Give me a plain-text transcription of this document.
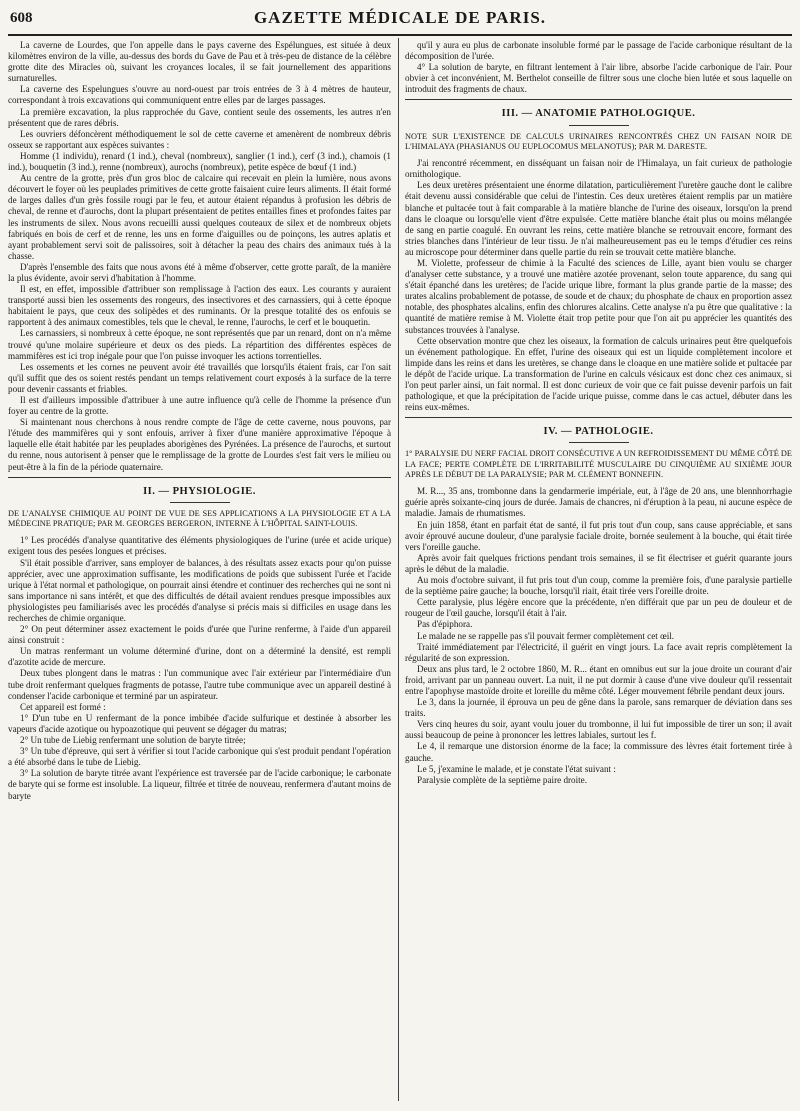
608	GAZETTE MÉDICALE DE PARIS.

La caverne de Lourdes, que l'on appelle dans le pays caverne des Espélungues, est située à deux kilomètres environ de la ville, au-dessus des bords du Gave de Pau et à très-peu de distance de la célèbre grotte dite des Miracles où, suivant les croyances locales, il se fait journellement des apparitions surnaturelles.

La caverne des Espelungues s'ouvre au nord-ouest par trois entrées de 3 à 4 mètres de hauteur, correspondant à trois excavations qui communiquent entre elles par de larges passages.

La première excavation, la plus rapprochée du Gave, contient seule des ossements, les autres n'en présentent que de rares débris.

Les ouvriers défoncèrent méthodiquement le sol de cette caverne et amenèrent de nombreux débris osseux se rapportant aux espèces suivantes :

Homme (1 individu), renard (1 ind.), cheval (nombreux), sanglier (1 ind.), cerf (3 ind.), chamois (1 ind.), bouquetin (3 ind.), renne (nombreux), aurochs (nombreux), petite espèce de bœuf (1 ind.)

Au centre de la grotte, près d'un gros bloc de calcaire qui recevait en plein la lumière, nous avons découvert le foyer où les peuplades primitives de cette grotte faisaient cuire leurs aliments. Il était formé de larges dalles d'un grès fossile rougi par le feu, et autour étaient répandus à profusion les débris de cheval, de renne et d'aurochs, dont la plupart présentaient de petites entailles fines et profondes faites par les instruments de silex. Nous avons recueilli aussi quelques couteaux de silex et de nombreux objets fabriqués en bois de cerf et de renne, les uns en forme d'aiguilles ou de poinçons, les autres aplatis et ayant probablement servi soit de palissoires, soit à détacher la peau des chairs des animaux tués à la chasse.

D'après l'ensemble des faits que nous avons été à même d'observer, cette grotte paraît, de la manière la plus évidente, avoir servi d'habitation à l'homme.

Il est, en effet, impossible d'attribuer son remplissage à l'action des eaux. Les courants y auraient transporté aussi bien les ossements des rongeurs, des insectivores et des carnassiers, qui à cette époque habitaient le pays, que ceux des solipèdes et des ruminants. Or la presque totalité des os enfouis se rapportent à des animaux comestibles, tels que le cheval, le renne, l'aurochs, le cerf et le bouquetin.

Les carnassiers, si nombreux à cette époque, ne sont représentés que par un renard, dont on n'a même trouvé qu'une molaire supérieure et deux os des pieds. La répartition des différentes espèces de mammifères est ici trop inégale pour que l'on puisse invoquer les actions torrentielles.

Les ossements et les cornes ne peuvent avoir été travaillés que lorsqu'ils étaient frais, car l'on sait qu'il suffit que des os soient restés pendant un temps relativement court exposés à la surface de la terre pour devenir cassants et friables.

Il est d'ailleurs impossible d'attribuer à une autre influence qu'à celle de l'homme la présence d'un foyer au centre de la grotte.

Si maintenant nous cherchons à nous rendre compte de l'âge de cette caverne, nous pouvons, par l'étude des mammifères qui y sont enfouis, arriver à fixer d'une manière approximative l'époque à laquelle elle était habitée par les peuplades aborigènes des Pyrénées. La présence de l'aurochs, et surtout du renne, nous autorisent à penser que le remplissage de la grotte de Lourdes s'est fait vers le milieu ou peut-être à la fin de la période quaternaire.

II. — PHYSIOLOGIE.

DE L'ANALYSE CHIMIQUE AU POINT DE VUE DE SES APPLICATIONS A LA PHYSIOLOGIE ET A LA MÉDECINE PRATIQUE; PAR M. GEORGES BERGERON, INTERNE À L'HÔPITAL SAINT-LOUIS.

1° Les procédés d'analyse quantitative des éléments physiologiques de l'urine (urée et acide urique) exigent tous des pesées longues et précises.

S'il était possible d'arriver, sans employer de balances, à des résultats assez exacts pour qu'on puisse apprécier, avec une approximation suffisante, les modifications de poids que subissent l'urée et l'acide urique à l'état normal et pathologique, on pourrait ainsi étendre et continuer des recherches qui ne sont ni sans importance ni sans intérêt, et que des difficultés de détail avaient rendues presque impossibles aux physiologistes peu familiarisés avec les procédés d'analyse si précis mais si difficiles en usage dans les recherches de chimie organique.

2° On peut déterminer assez exactement le poids d'urée que l'urine renferme, à l'aide d'un appareil ainsi construit :

Un matras renfermant un volume déterminé d'urine, dont on a déterminé la densité, est rempli d'azotite acide de mercure.

Deux tubes plongent dans le matras : l'un communique avec l'air extérieur par l'intermédiaire d'un tube droit renfermant quelques fragments de potasse, l'autre tube communique avec un appareil destiné à condenser l'acide carbonique et terminé par un aspirateur.

Cet appareil est formé :

1° D'un tube en U renfermant de la ponce imbibée d'acide sulfurique et destinée à absorber les vapeurs d'acide azotique ou hypoazotique qui peuvent se dégager du matras;

2° Un tube de Liebig renfermant une solution de baryte titrée;

3° Un tube d'épreuve, qui sert à vérifier si tout l'acide carbonique qui s'est produit pendant l'opération a été absorbé dans le tube de Liebig.

3° La solution de baryte titrée avant l'expérience est traversée par de l'acide carbonique; le carbonate de baryte qui se forme est insoluble. La liqueur, filtrée et titrée de nouveau, renfermera d'autant moins de baryte

qu'il y aura eu plus de carbonate insoluble formé par le passage de l'acide carbonique résultant de la décomposition de l'urée.

4° La solution de baryte, en filtrant lentement à l'air libre, absorbe l'acide carbonique de l'air. Pour obvier à cet inconvénient, M. Berthelot conseille de filtrer sous une cloche bien lutée et sous laquelle on introduit des fragments de chaux.

III. — ANATOMIE PATHOLOGIQUE.

NOTE SUR L'EXISTENCE DE CALCULS URINAIRES RENCONTRÉS CHEZ UN FAISAN NOIR DE L'HIMALAYA (PHASIANUS OU EUPLOCOMUS MELANOTUS); PAR M. DARESTE.

J'ai rencontré récemment, en disséquant un faisan noir de l'Himalaya, un fait curieux de pathologie ornithologique.

Les deux uretères présentaient une énorme dilatation, particulièrement l'uretère gauche dont le calibre était devenu aussi considérable que celui de l'intestin. Ces deux uretères étaient remplis par un matière blanche et pultacée tout à fait comparable à la matière blanche de l'urine des oiseaux, lorsqu'on la prend dans le cloaque ou lorsqu'elle vient d'être expulsée. Cette matière blanche était plus ou moins mélangée de sang en partie coagulé. En ouvrant les reins, cette matière blanche se retrouvait encore, formant des stries blanches dans l'intérieur de leur tissu. Je n'ai malheureusement pas eu le temps d'étudier ces reins au microscope pour déterminer dans quelle partie du rein se trouvait cette matière blanche.

M. Violette, professeur de chimie à la Faculté des sciences de Lille, ayant bien voulu se charger d'analyser cette substance, y a trouvé une matière azotée provenant, selon toute apparence, du sang qui s'était épanché dans les uretères; de l'acide urique libre, formant la plus grande partie de la masse; des urates alcalins probablement de potasse, de soude et de chaux; du phosphate de chaux en proportion assez notable, des phosphates alcalins, enfin des chlorures alcalins. Cette analyse n'a pu être que qualitative : la quantité de matière remise à M. Violette était trop petite pour que l'on ait pu apprécier les quantités des substances trouvées à l'analyse.

Cette observation montre que chez les oiseaux, la formation de calculs urinaires peut être quelquefois un événement pathologique. En effet, l'urine des oiseaux qui est un liquide complètement incolore et limpide dans les reins et dans les uretères, se change dans le cloaque en une matière solide et pultacée par le dépôt de l'acide urique. La transformation de l'urine en calculs vésicaux est donc chez ces animaux, si l'on peut parler ainsi, un fait normal. Il est donc curieux de voir que ce fait puisse devenir parfois un fait pathologique, et que la précipitation de l'acide urique puisse, comme dans le cas actuel, débuter dans les reins eux-mêmes.

IV. — PATHOLOGIE.

1° PARALYSIE DU NERF FACIAL DROIT CONSÉCUTIVE A UN REFROIDISSEMENT DU MÊME CÔTÉ DE LA FACE; PERTE COMPLÈTE DE L'IRRITABILITÉ MUSCULAIRE DU CINQUIÈME AU SIXIÈME JOUR APRÈS LE DÉBUT DE LA PARALYSIE; PAR M. CLÉMENT BONNEFIN.

M. R..., 35 ans, trombonne dans la gendarmerie impériale, eut, à l'âge de 20 ans, une blennhorrhagie guérie après soixante-cinq jours de durée. Jamais de chancres, ni d'éruption à la peau, ni aucune espèce de maladie. Jamais de rhumatismes.

En juin 1858, étant en parfait état de santé, il fut pris tout d'un coup, sans cause appréciable, et sans avoir éprouvé aucune douleur, d'une paralysie faciale droite, bornée seulement à la bouche, qui était tirée vers l'oreille gauche.

Après avoir fait quelques frictions pendant trois semaines, il se fit électriser et guérit quarante jours après le début de la maladie.

Au mois d'octobre suivant, il fut pris tout d'un coup, comme la première fois, d'une paralysie partielle de la septième paire gauche; la bouche, lorsqu'il riait, était tirée vers l'oreille droite.

Cette paralysie, plus légère encore que la précédente, n'en différait que par un peu de douleur et de rougeur de l'œil gauche, lorsqu'il était à l'air.

Pas d'épiphora.

Le malade ne se rappelle pas s'il pouvait fermer complètement cet œil.

Traité immédiatement par l'électricité, il guérit en vingt jours. La face avait repris complètement la régularité de son expression.

Deux ans plus tard, le 2 octobre 1860, M. R... étant en omnibus eut sur la joue droite un courant d'air froid, arrivant par un panneau ouvert. La nuit, il ne put dormir à cause d'une vive douleur qu'il ressentait entre l'apophyse mastoïde droite et loreille du même côté. Léger mouvement fébrile pendant deux jours.

Le 3, dans la journée, il éprouva un peu de gêne dans la parole, sans remarquer de déviation dans ses traits.

Vers cinq heures du soir, ayant voulu jouer du trombonne, il lui fut impossible de tirer un son; il avait aussi beaucoup de peine à prononcer les lettres labiales, surtout les f.

Le 4, il remarque une distorsion énorme de la face; la commissure des lèvres était fortement tirée à gauche.

Le 5, j'examine le malade, et je constate l'état suivant :

Paralysie complète de la septième paire droite.
